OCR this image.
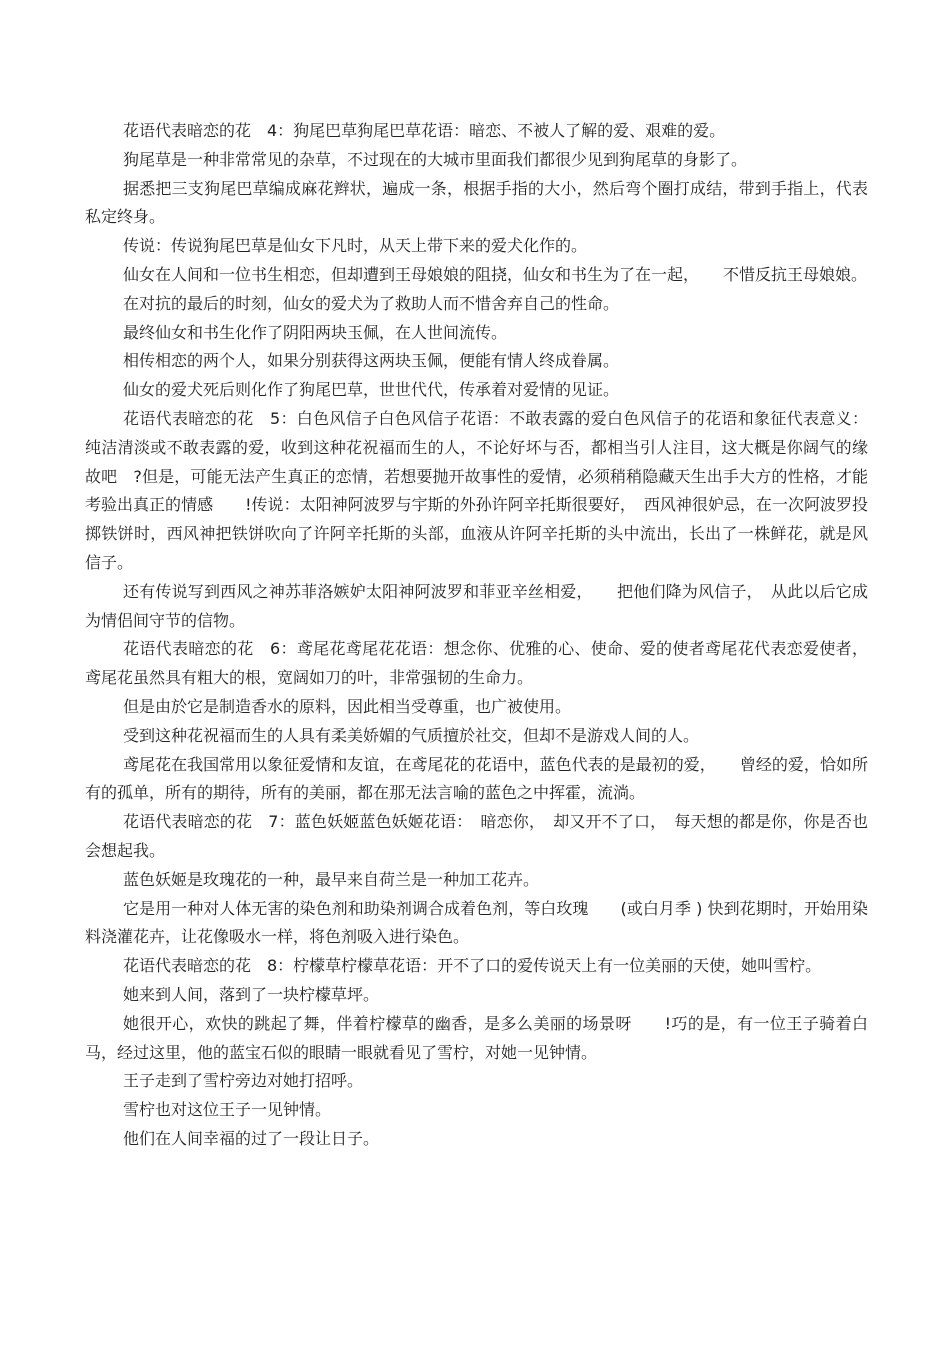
花语代表暗恋的花　4：狗尾巴草狗尾巴草花语：暗恋、不被人了解的爱、艰难的爱。

狗尾草是一种非常常见的杂草，不过现在的大城市里面我们都很少见到狗尾草的身影了。

据悉把三支狗尾巴草编成麻花辫状，遍成一条，根据手指的大小，然后弯个圈打成结，带到手指上，代表私定终身。

传说：传说狗尾巴草是仙女下凡时，从天上带下来的爱犬化作的。

仙女在人间和一位书生相恋，但却遭到王母娘娘的阻挠，仙女和书生为了在一起，　　不惜反抗王母娘娘。

在对抗的最后的时刻，仙女的爱犬为了救助人而不惜舍弃自己的性命。

最终仙女和书生化作了阴阳两块玉佩，在人世间流传。

相传相恋的两个人，如果分别获得这两块玉佩，便能有情人终成眷属。

仙女的爱犬死后则化作了狗尾巴草，世世代代，传承着对爱情的见证。

花语代表暗恋的花　5：白色风信子白色风信子花语：不敢表露的爱白色风信子的花语和象征代表意义：纯洁清淡或不敢表露的爱，收到这种花祝福而生的人，不论好坏与否，都相当引人注目，这大概是你阔气的缘故吧　?但是，可能无法产生真正的恋情，若想要抛开故事性的爱情，必须稍稍隐藏天生出手大方的性格，才能考验出真正的情感　　!传说：太阳神阿波罗与宇斯的外孙许阿辛托斯很要好，　西风神很妒忌，在一次阿波罗投掷铁饼时，西风神把铁饼吹向了许阿辛托斯的头部，血液从许阿辛托斯的头中流出，长出了一株鲜花，就是风信子。

还有传说写到西风之神苏菲洛嫉妒太阳神阿波罗和菲亚辛丝相爱，　　把他们降为风信子，　从此以后它成为情侣间守节的信物。

花语代表暗恋的花　6：鸢尾花鸢尾花花语：想念你、优雅的心、使命、爱的使者鸢尾花代表恋爱使者，鸢尾花虽然具有粗大的根，宽阔如刀的叶，非常强韧的生命力。

但是由於它是制造香水的原料，因此相当受尊重，也广被使用。

受到这种花祝福而生的人具有柔美娇媚的气质擅於社交，但却不是游戏人间的人。

鸢尾花在我国常用以象征爱情和友谊，在鸢尾花的花语中，蓝色代表的是最初的爱，　　曾经的爱，恰如所有的孤单，所有的期待，所有的美丽，都在那无法言喻的蓝色之中挥霍，流淌。

花语代表暗恋的花　7：蓝色妖姬蓝色妖姬花语：　暗恋你，　却又开不了口，　每天想的都是你，你是否也会想起我。

蓝色妖姬是玫瑰花的一种，最早来自荷兰是一种加工花卉。

它是用一种对人体无害的染色剂和助染剂调合成着色剂，等白玫瑰　　(或白月季 ) 快到花期时，开始用染料浇灌花卉，让花像吸水一样，将色剂吸入进行染色。

花语代表暗恋的花　8：柠檬草柠檬草花语：开不了口的爱传说天上有一位美丽的天使，她叫雪柠。

她来到人间，落到了一块柠檬草坪。

她很开心，欢快的跳起了舞，伴着柠檬草的幽香，是多么美丽的场景呀　　!巧的是，有一位王子骑着白马，经过这里，他的蓝宝石似的眼睛一眼就看见了雪柠，对她一见钟情。

王子走到了雪柠旁边对她打招呼。

雪柠也对这位王子一见钟情。

他们在人间幸福的过了一段让日子。
